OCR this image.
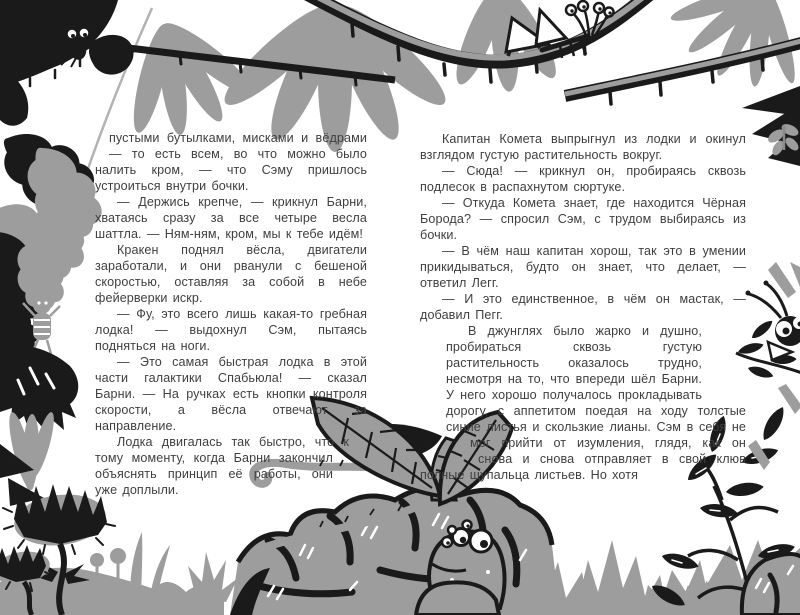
пустыми бутылками, мисками и вёдрами — то есть всем, во что можно было налить кром, — что Сэму пришлось устроиться внутри бочки.

— Держись крепче, — крикнул Барни, хватаясь сразу за все четыре весла шаттла. — Ням-ням, кром, мы к тебе идём!

Кракен поднял вёсла, двигатели заработали, и они рванули с бешеной скоростью, оставляя за собой в небе фейерверки искр.

— Фу, это всего лишь какая-то гребная лодка! — выдохнул Сэм, пытаясь подняться на ноги.

— Это самая быстрая лодка в этой части галактики Спабьюла! — сказал Барни. — На ручках есть кнопки контроля скорости, а вёсла отвечают за направление.

Лодка двигалась так быстро, что к тому моменту, когда Барни закончил объяснять принцип её работы, они уже доплыли.

Капитан Комета выпрыгнул из лодки и окинул взглядом густую растительность вокруг.

— Сюда! — крикнул он, пробираясь сквозь подлесок в распахнутом сюртуке.

— Откуда Комета знает, где находится Чёрная Борода? — спросил Сэм, с трудом выбираясь из бочки.

— В чём наш капитан хорош, так это в умении прикидываться, будто он знает, что делает, — ответил Легг.

— И это единственное, в чём он мастак, — добавил Пегг.

В джунглях было жарко и душно, пробираться сквозь густую растительность оказалось трудно, несмотря на то, что впереди шёл Барни. У него хорошо получалось прокладывать дорогу, с аппетитом поедая на ходу толстые синие листья и скользкие лианы. Сэм в себя не мог прийти от изумления, глядя, как он снова и снова отправляет в свой клюв полные щупальца листьев. Но хотя
